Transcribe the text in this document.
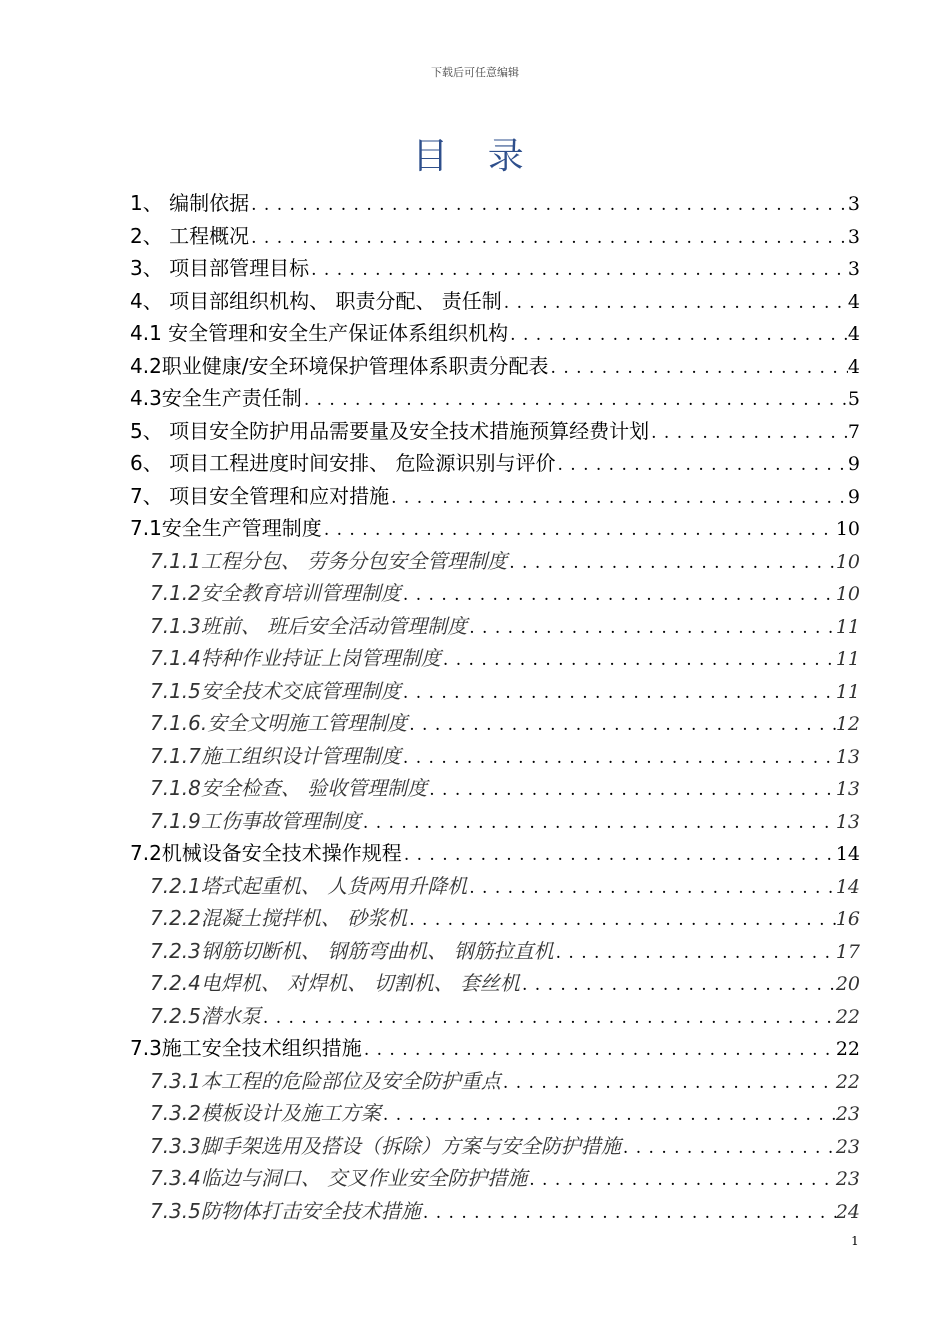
下载后可任意编辑
目 录
1、 编制依据 . . .	3
2、 工程概况 . . .	3
3、 项目部管理目标 . . .	3
4、 项目部组织机构、 职责分配、 责任制 . . .	4
4.1 安全管理和安全生产保证体系组织机构 . . .	4
4.2职业健康/安全环境保护管理体系职责分配表 . . .	4
4.3安全生产责任制 . . .	5
5、 项目安全防护用品需要量及安全技术措施预算经费计划 . . .	7
6、 项目工程进度时间安排、 危险源识别与评价 . . .	9
7、 项目安全管理和应对措施 . . .	9
7.1安全生产管理制度 . . .	10
7.1.1工程分包、 劳务分包安全管理制度 . . .	10
7.1.2安全教育培训管理制度 . . .	10
7.1.3班前、 班后安全活动管理制度 . . .	11
7.1.4特种作业持证上岗管理制度 . . .	11
7.1.5安全技术交底管理制度 . . .	11
7.1.6.安全文明施工管理制度 . . .	12
7.1.7施工组织设计管理制度 . . .	13
7.1.8安全检查、 验收管理制度 . . .	13
7.1.9工伤事故管理制度 . . .	13
7.2机械设备安全技术操作规程 . . .	14
7.2.1塔式起重机、 人货两用升降机 . . .	14
7.2.2混凝土搅拌机、 砂浆机 . . .	16
7.2.3钢筋切断机、 钢筋弯曲机、 钢筋拉直机 . . .	17
7.2.4电焊机、 对焊机、 切割机、 套丝机 . . .	20
7.2.5潜水泵 . . .	22
7.3施工安全技术组织措施 . . .	22
7.3.1本工程的危险部位及安全防护重点 . . .	22
7.3.2模板设计及施工方案 . . .	23
7.3.3脚手架选用及搭设（拆除）方案与安全防护措施 . . .	23
7.3.4临边与洞口、 交叉作业安全防护措施 . . .	23
7.3.5防物体打击安全技术措施 . . .	24
1
